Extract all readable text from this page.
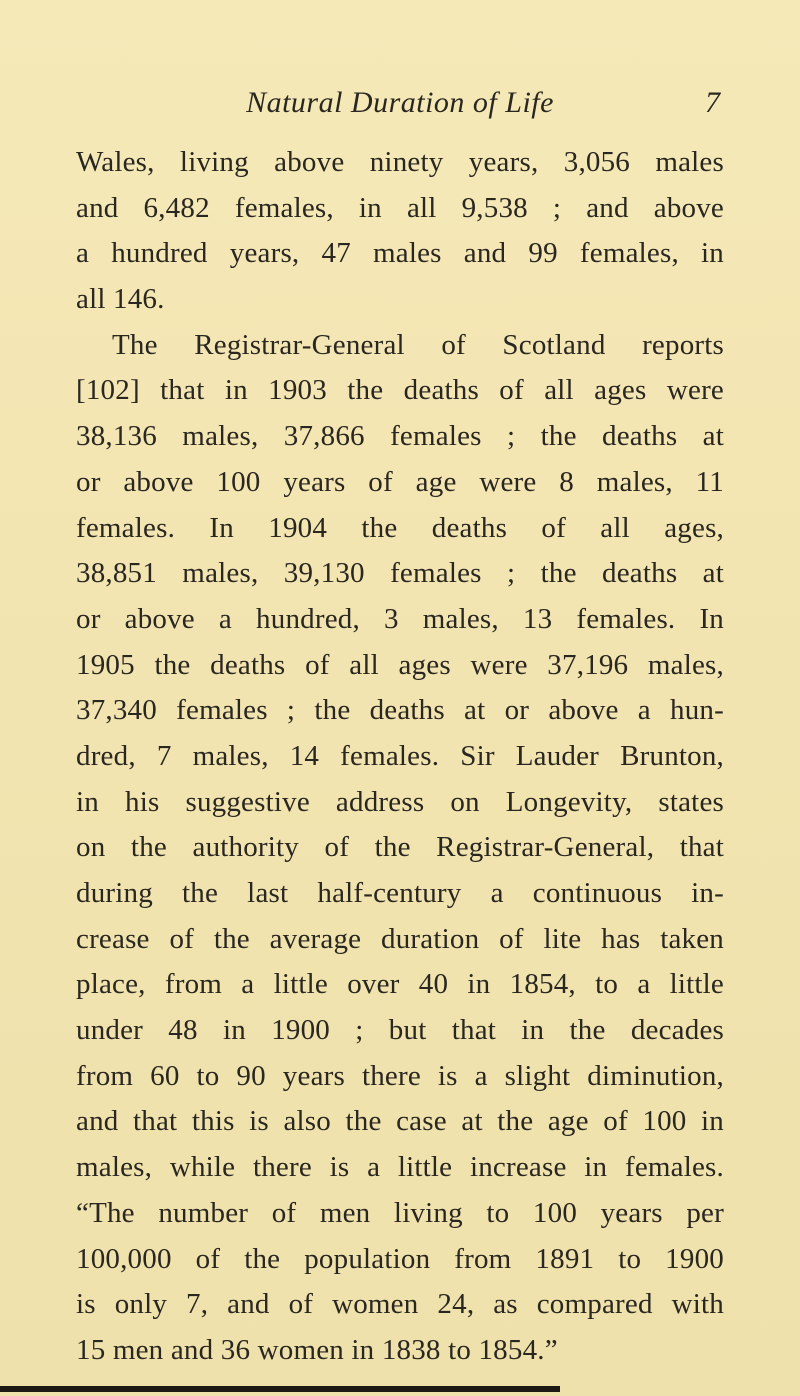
Natural Duration of Life	7
Wales, living above ninety years, 3,056 males
and 6,482 females, in all 9,538 ; and above
a hundred years, 47 males and 99 females, in
all 146.
The Registrar-General of Scotland reports
[102] that in 1903 the deaths of all ages were
38,136 males, 37,866 females ; the deaths at
or above 100 years of age were 8 males, 11
females. In 1904 the deaths of all ages,
38,851 males, 39,130 females ; the deaths at
or above a hundred, 3 males, 13 females. In
1905 the deaths of all ages were 37,196 males,
37,340 females ; the deaths at or above a hun-
dred, 7 males, 14 females. Sir Lauder Brunton,
in his suggestive address on Longevity, states
on the authority of the Registrar-General, that
during the last half-century a continuous in-
crease of the average duration of lite has taken
place, from a little over 40 in 1854, to a little
under 48 in 1900 ; but that in the decades
from 60 to 90 years there is a slight diminution,
and that this is also the case at the age of 100 in
males, while there is a little increase in females.
“The number of men living to 100 years per
100,000 of the population from 1891 to 1900
is only 7, and of women 24, as compared with
15 men and 36 women in 1838 to 1854.”
